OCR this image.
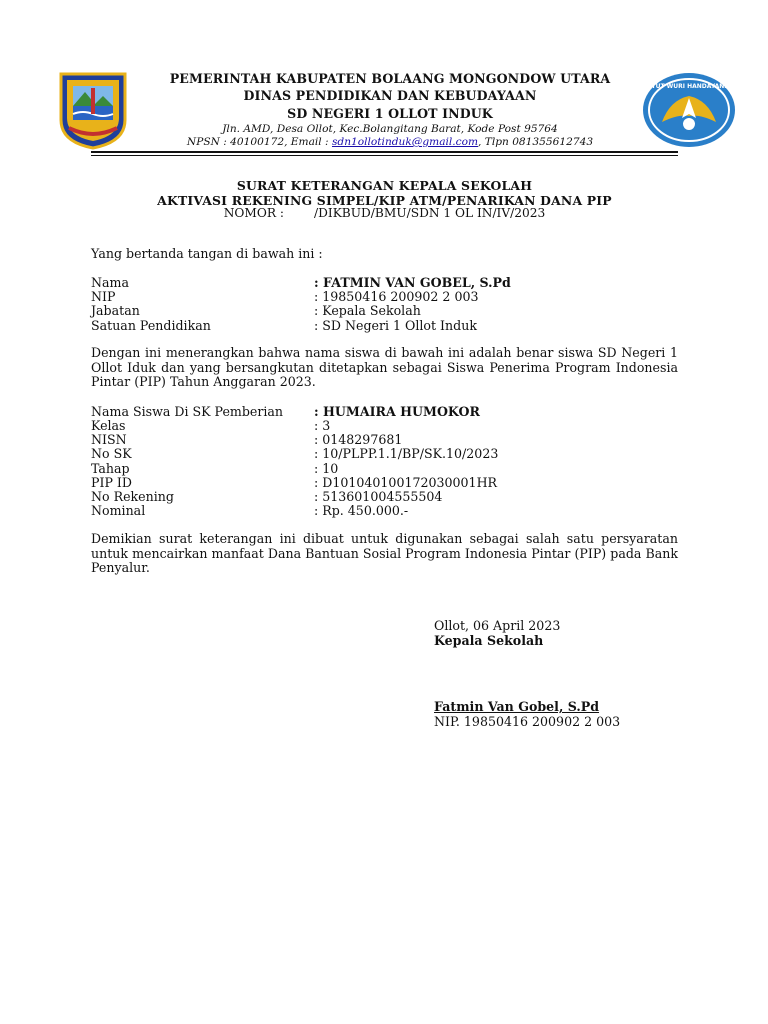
TUT WURI HANDAYANI
PEMERINTAH KABUPATEN BOLAANG MONGONDOW UTARA
DINAS PENDIDIKAN DAN KEBUDAYAAN
SD NEGERI 1 OLLOT INDUK
Jln. AMD, Desa Ollot, Kec.Bolangitang Barat, Kode Post 95764
NPSN : 40100172, Email : sdn1ollotinduk@gmail.com, Tlpn 081355612743
SURAT KETERANGAN KEPALA SEKOLAH
AKTIVASI REKENING SIMPEL/KIP ATM/PENARIKAN DANA PIP
NOMOR : /DIKBUD/BMU/SDN 1 OL IN/IV/2023
Yang bertanda tangan di bawah ini :
Nama	: FATMIN VAN GOBEL, S.Pd
NIP	: 19850416 200902 2 003
Jabatan	: Kepala Sekolah
Satuan Pendidikan	: SD Negeri 1 Ollot Induk
Dengan ini menerangkan bahwa nama siswa di bawah ini adalah benar siswa SD Negeri 1 Ollot Iduk dan yang bersangkutan ditetapkan sebagai Siswa Penerima Program Indonesia Pintar (PIP) Tahun Anggaran 2023.
Nama Siswa Di SK Pemberian : HUMAIRA HUMOKOR
Kelas	: 3
NISN	: 0148297681
No SK	: 10/PLPP.1.1/BP/SK.10/2023
Tahap	: 10
PIP ID	: D101040100172030001HR
No Rekening	: 513601004555504
Nominal	: Rp. 450.000.-
Demikian surat keterangan ini dibuat untuk digunakan sebagai salah satu persyaratan untuk mencairkan manfaat Dana Bantuan Sosial Program Indonesia Pintar (PIP) pada Bank Penyalur.
Ollot, 06 April 2023
Kepala Sekolah
Fatmin Van Gobel, S.Pd
NIP. 19850416 200902 2 003
